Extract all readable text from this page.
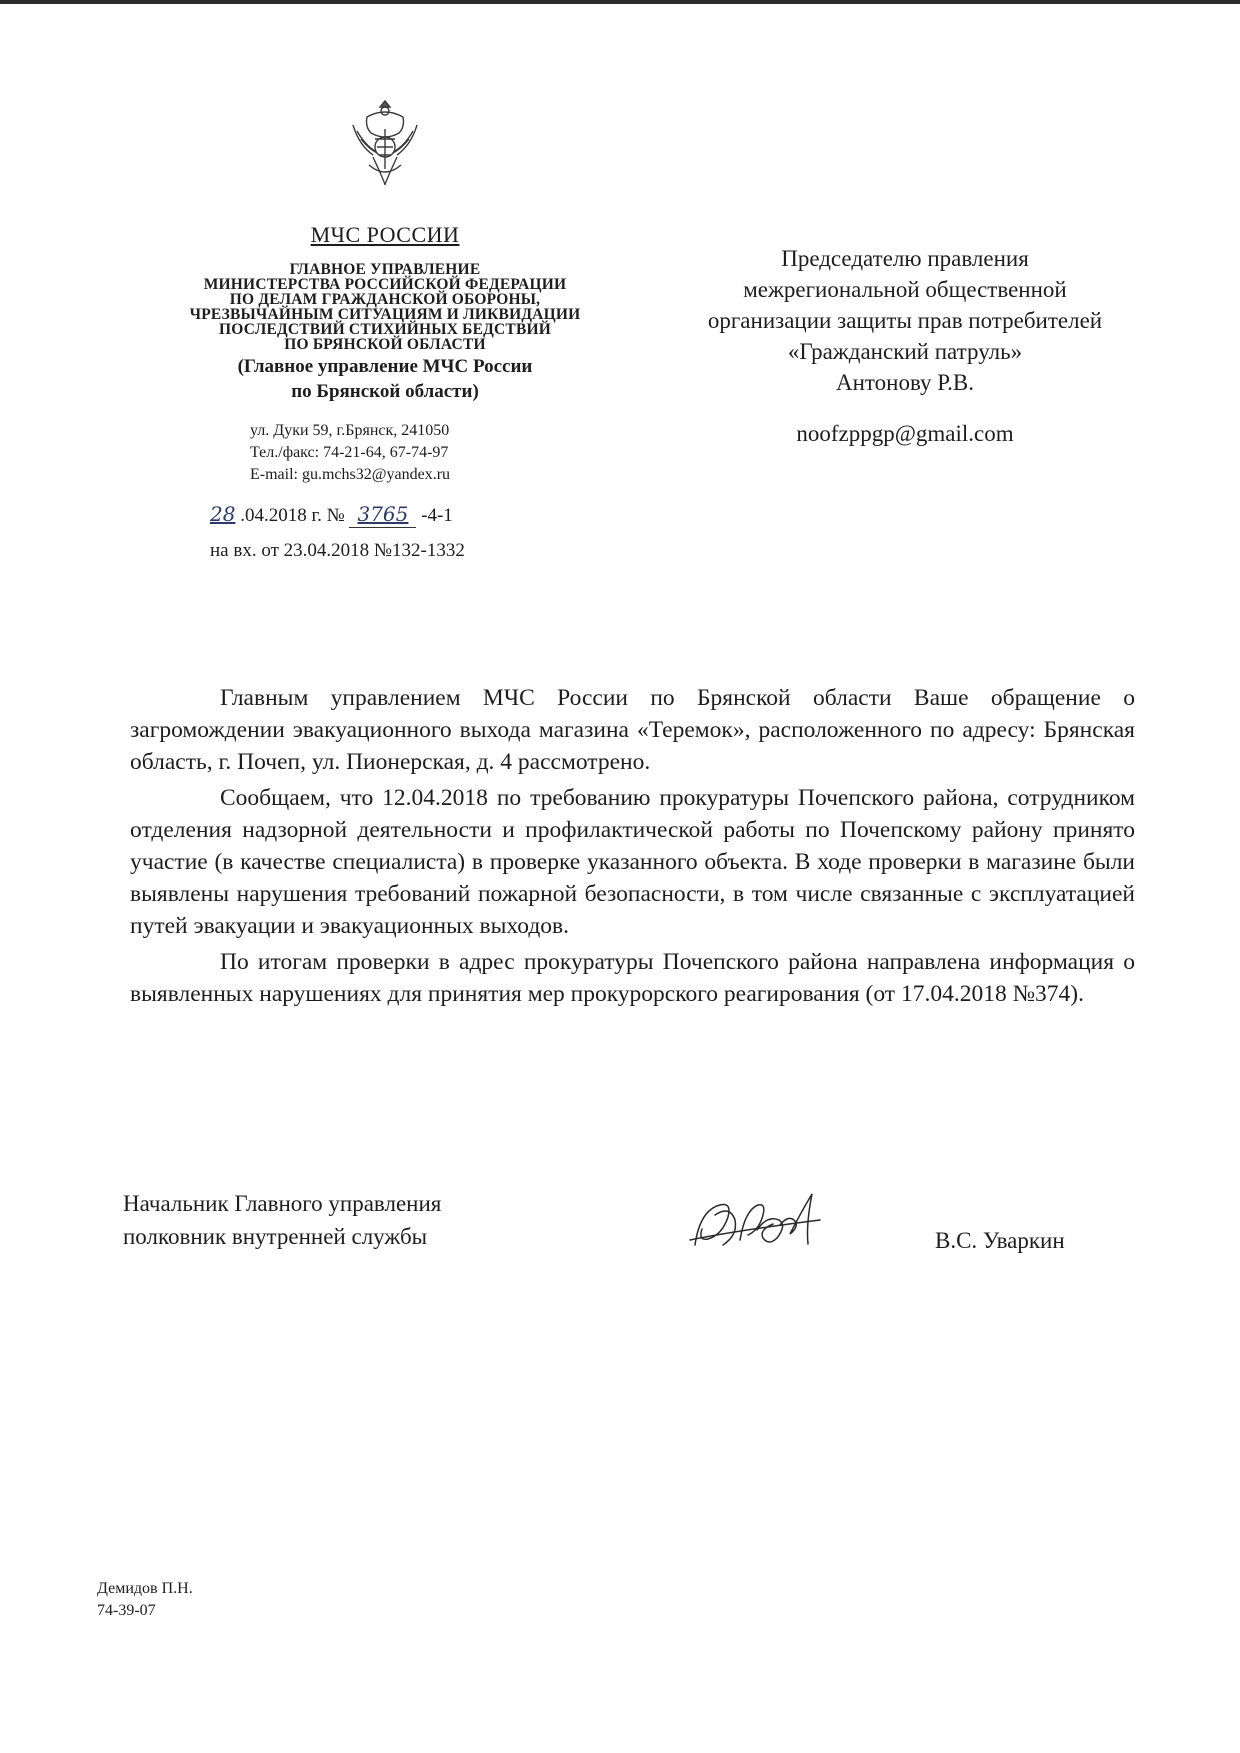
МЧС РОССИИ
ГЛАВНОЕ УПРАВЛЕНИЕ
МИНИСТЕРСТВА РОССИЙСКОЙ ФЕДЕРАЦИИ
ПО ДЕЛАМ ГРАЖДАНСКОЙ ОБОРОНЫ,
ЧРЕЗВЫЧАЙНЫМ СИТУАЦИЯМ И ЛИКВИДАЦИИ
ПОСЛЕДСТВИЙ СТИХИЙНЫХ БЕДСТВИЙ
ПО БРЯНСКОЙ ОБЛАСТИ
(Главное управление МЧС России
по Брянской области)
ул. Дуки 59, г.Брянск, 241050
Тел./факс: 74-21-64, 67-74-97
E-mail: gu.mchs32@yandex.ru
28 .04.2018 г. № 3765 -4-1
на вх. от 23.04.2018 №132-1332
Председателю правления
межрегиональной общественной
организации защиты прав потребителей
«Гражданский патруль»
Антонову Р.В.
noofzppgp@gmail.com

Главным управлением МЧС России по Брянской области Ваше обращение о загромождении эвакуационного выхода магазина «Теремок», расположенного по адресу: Брянская область, г. Почеп, ул. Пионерская, д. 4 рассмотрено.

Сообщаем, что 12.04.2018 по требованию прокуратуры Почепского района, сотрудником отделения надзорной деятельности и профилактической работы по Почепскому району принято участие (в качестве специалиста) в проверке указанного объекта. В ходе проверки в магазине были выявлены нарушения требований пожарной безопасности, в том числе связанные с эксплуатацией путей эвакуации и эвакуационных выходов.

По итогам проверки в адрес прокуратуры Почепского района направлена информация о выявленных нарушениях для принятия мер прокурорского реагирования (от 17.04.2018 №374).

Начальник Главного управления
полковник внутренней службы	В.С. Уваркин
Демидов П.Н.
74-39-07
